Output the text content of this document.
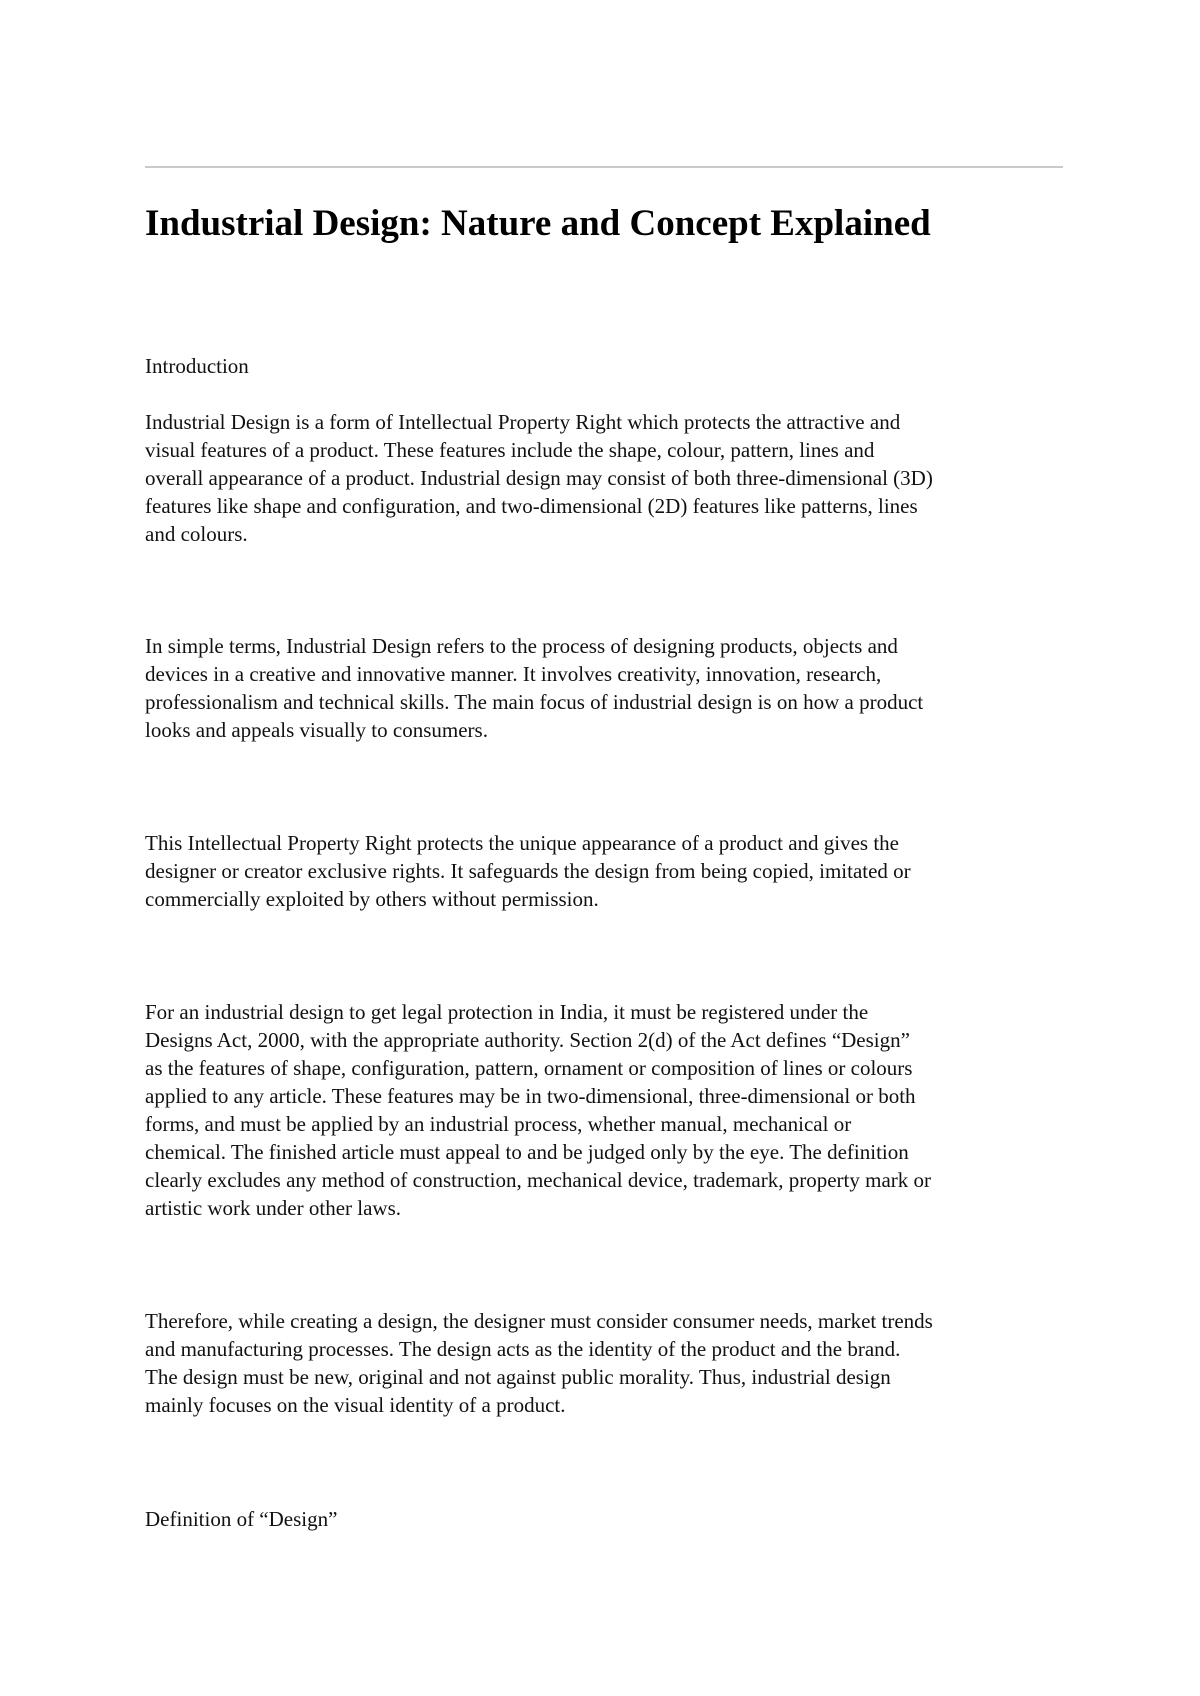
Industrial Design: Nature and Concept Explained
Introduction
Industrial Design is a form of Intellectual Property Right which protects the attractive and
visual features of a product. These features include the shape, colour, pattern, lines and
overall appearance of a product. Industrial design may consist of both three-dimensional (3D)
features like shape and configuration, and two-dimensional (2D) features like patterns, lines
and colours.
In simple terms, Industrial Design refers to the process of designing products, objects and
devices in a creative and innovative manner. It involves creativity, innovation, research,
professionalism and technical skills. The main focus of industrial design is on how a product
looks and appeals visually to consumers.
This Intellectual Property Right protects the unique appearance of a product and gives the
designer or creator exclusive rights. It safeguards the design from being copied, imitated or
commercially exploited by others without permission.
For an industrial design to get legal protection in India, it must be registered under the
Designs Act, 2000, with the appropriate authority. Section 2(d) of the Act defines “Design”
as the features of shape, configuration, pattern, ornament or composition of lines or colours
applied to any article. These features may be in two-dimensional, three-dimensional or both
forms, and must be applied by an industrial process, whether manual, mechanical or
chemical. The finished article must appeal to and be judged only by the eye. The definition
clearly excludes any method of construction, mechanical device, trademark, property mark or
artistic work under other laws.
Therefore, while creating a design, the designer must consider consumer needs, market trends
and manufacturing processes. The design acts as the identity of the product and the brand.
The design must be new, original and not against public morality. Thus, industrial design
mainly focuses on the visual identity of a product.
Definition of “Design”
